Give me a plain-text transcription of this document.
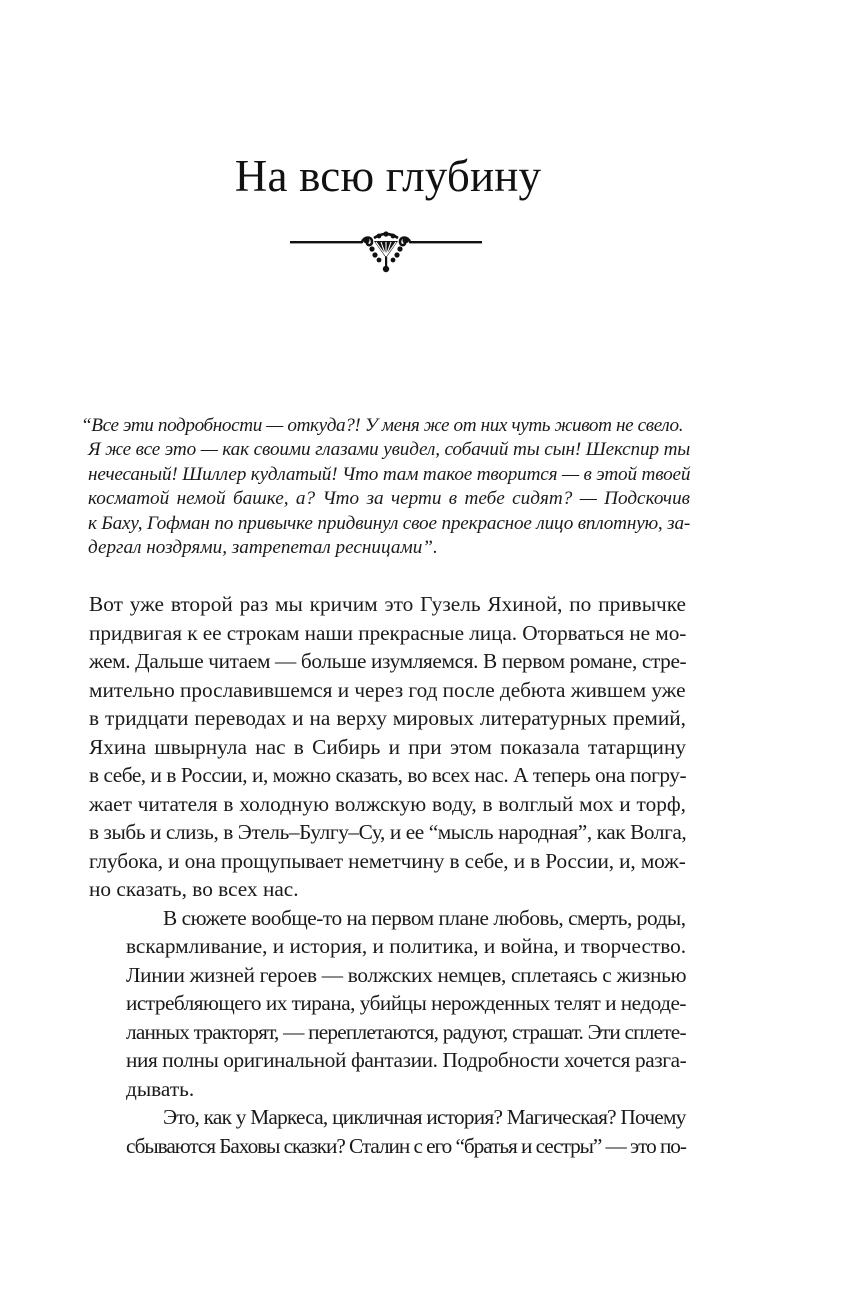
На всю глубину
“Все эти подробности — откуда?! У меня же от них чуть живот не свело.
Я же все это — как своими глазами увидел, собачий ты сын! Шекспир ты
нечесаный! Шиллер кудлатый! Что там такое творится — в этой твоей
косматой немой башке, а? Что за черти в тебе сидят? — Подскочив
к Баху, Гофман по привычке придвинул свое прекрасное лицо вплотную, за-
дергал ноздрями, затрепетал ресницами”.

Вот уже второй раз мы кричим это Гузель Яхиной, по привычке
придвигая к ее строкам наши прекрасные лица. Оторваться не мо-
жем. Дальше читаем — больше изумляемся. В первом романе, стре-
мительно прославившемся и через год после дебюта жившем уже
в тридцати переводах и на верху мировых литературных премий,
Яхина швырнула нас в Сибирь и при этом показала татарщину
в себе, и в России, и, можно сказать, во всех нас. А теперь она погру-
жает читателя в холодную волжскую воду, в волглый мох и торф,
в зыбь и слизь, в Этель–Булгу–Су, и ее “мысль народная”, как Волга,
глубока, и она прощупывает неметчину в себе, и в России, и, мож-
но сказать, во всех нас.

В сюжете вообще-то на первом плане любовь, смерть, роды,
вскармливание, и история, и политика, и война, и творчество.
Линии жизней героев — волжских немцев, сплетаясь с жизнью
истребляющего их тирана, убийцы нерожденных телят и недоде-
ланных тракторят, — переплетаются, радуют, страшат. Эти сплете-
ния полны оригинальной фантазии. Подробности хочется разга-
дывать.

Это, как у Маркеса, цикличная история? Магическая? Почему
сбываются Баховы сказки? Сталин с его “братья и сестры” — это по-
